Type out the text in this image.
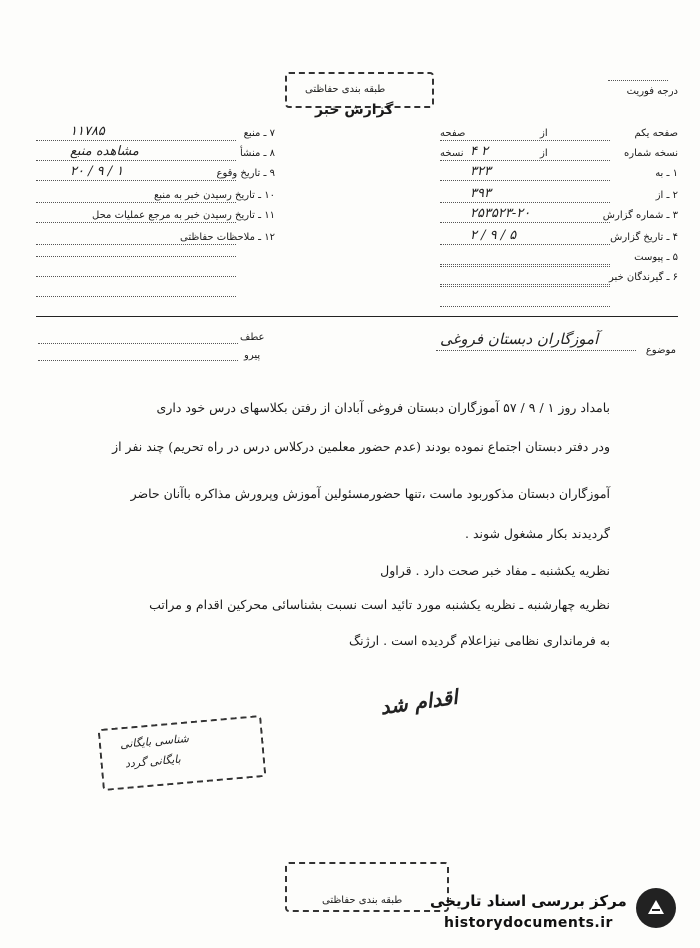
درجه فوریت
طبقه بندی حفاظتی
گزارش خبر
صفحه یکم
از
صفحه
نسخه شماره
از
نسخه ۲ ۴
۱ ـ به
۳۲۳
۲ ـ از
۳۹۳
۳ ـ شماره گزارش
۲۵۳۵۲۳-۲۰
۴ ـ تاریخ گزارش
۵ / ۹ / ۲
۵ ـ پیوست
۶ ـ گیرندگان خبر
۷ ـ منبع
۱۱۷۸۵
۸ ـ منشأ
مشاهده منبع
۹ ـ تاریخ وقوع
۱ / ۹ / ۲۰
۱۰ ـ تاریخ رسیدن خبر به منبع
۱۱ ـ تاریخ رسیدن خبر به مرجع عملیات محل
۱۲ ـ ملاحظات حفاظتی
موضوع
آموزگاران دبستان فروغی
عطف
پیرو
بامداد روز ۱ / ۹ / ۵۷ آموزگاران دبستان فروغی آبادان از رفتن بکلاسهای درس خود داری
ودر دفتر دبستان اجتماع نموده بودند (عدم حضور معلمین درکلاس درس در راه تحریم) چند نفر از
آموزگاران دبستان مذکوربود ماست ،تنها حضورمسئولین آموزش وپرورش مذاکره باآنان حاضر
گردیدند بکار مشغول شوند .
نظریه یکشنبه ـ مفاد خبر صحت دارد . قراول
نظریه چهارشنبه ـ نظریه یکشنبه مورد تائید است نسبت بشناسائی محرکین اقدام و مراتب
به فرمانداری نظامی نیزاعلام گردیده است . ارژنگ
اقدام شد
شناسی بایگانی
بایگانی گردد
طبقه بندی حفاظتی مرکز بررسی اسناد تاریخی
historydocuments.ir
